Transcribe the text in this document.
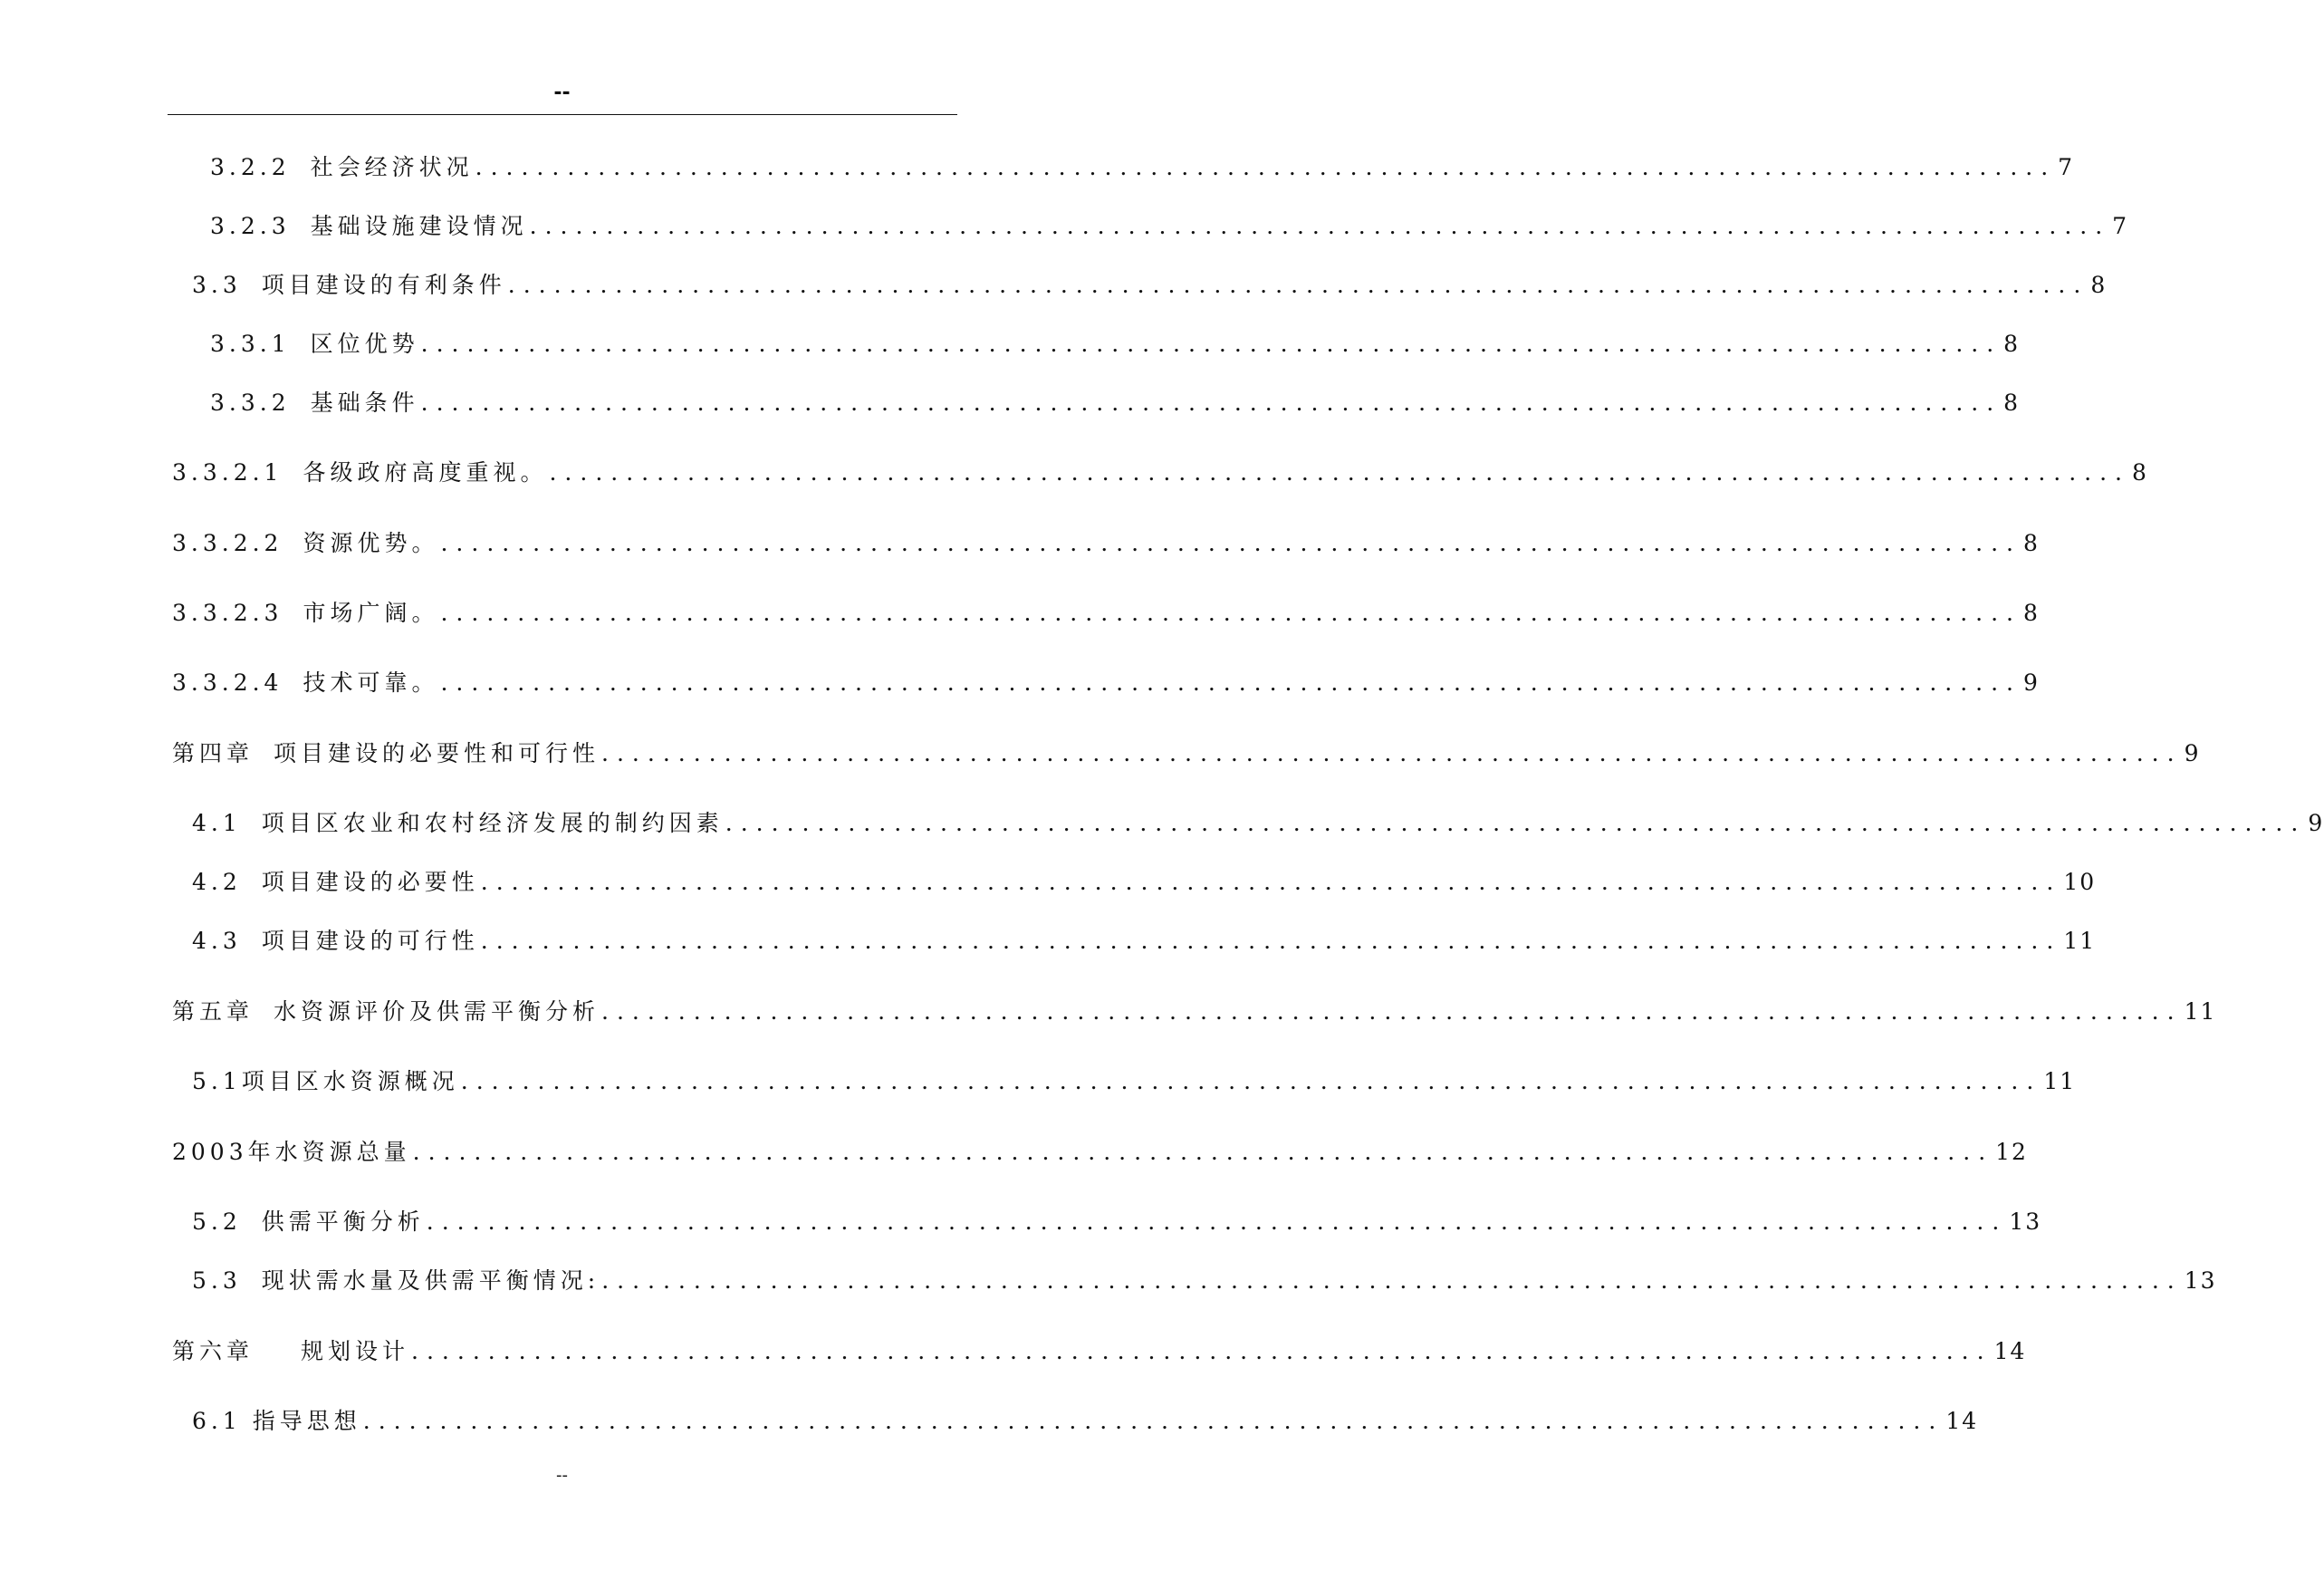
--
3.2.2 社会经济状况 ....................................................................................................... 7
3.2.3 基础设施建设情况 ....................................................................................................... 7
3.3 项目建设的有利条件 ....................................................................................................... 8
3.3.1 区位优势 ....................................................................................................... 8
3.3.2 基础条件 ....................................................................................................... 8
3.3.2.1 各级政府高度重视。 ....................................................................................................... 8
3.3.2.2 资源优势。 ....................................................................................................... 8
3.3.2.3 市场广阔。 ....................................................................................................... 8
3.3.2.4 技术可靠。 ....................................................................................................... 9
第四章 项目建设的必要性和可行性 ....................................................................................................... 9
4.1 项目区农业和农村经济发展的制约因素 ....................................................................................................... 9
4.2 项目建设的必要性 ....................................................................................................... 10
4.3 项目建设的可行性 ....................................................................................................... 11
第五章 水资源评价及供需平衡分析 ....................................................................................................... 11
5.1 项目区水资源概况 ....................................................................................................... 11
2003年水资源总量 ....................................................................................................... 12
5.2 供需平衡分析 ....................................................................................................... 13
5.3 现状需水量及供需平衡情况: ....................................................................................................... 13
第六章 规划设计 ....................................................................................................... 14
6.1 指导思想 ....................................................................................................... 14
--
